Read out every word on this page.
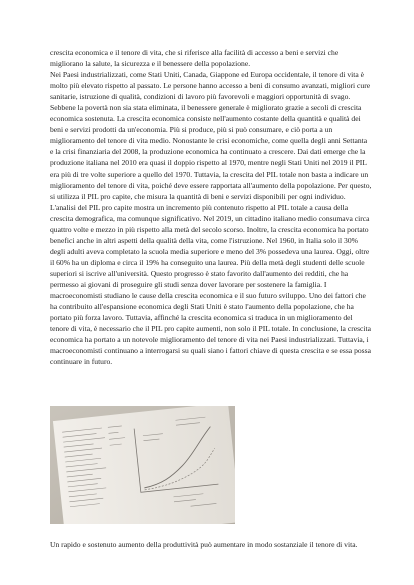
crescita economica e il tenore di vita, che si riferisce alla facilità di accesso a beni e servizi che migliorano la salute, la sicurezza e il benessere della popolazione.

Nei Paesi industrializzati, come Stati Uniti, Canada, Giappone ed Europa occidentale, il tenore di vita è molto più elevato rispetto al passato. Le persone hanno accesso a beni di consumo avanzati, migliori cure sanitarie, istruzione di qualità, condizioni di lavoro più favorevoli e maggiori opportunità di svago. Sebbene la povertà non sia stata eliminata, il benessere generale è migliorato grazie a secoli di crescita economica sostenuta. La crescita economica consiste nell'aumento costante della quantità e qualità dei beni e servizi prodotti da un'economia. Più si produce, più si può consumare, e ciò porta a un miglioramento del tenore di vita medio. Nonostante le crisi economiche, come quella degli anni Settanta e la crisi finanziaria del 2008, la produzione economica ha continuato a crescere. Dai dati emerge che la produzione italiana nel 2010 era quasi il doppio rispetto al 1970, mentre negli Stati Uniti nel 2019 il PIL era più di tre volte superiore a quello del 1970. Tuttavia, la crescita del PIL totale non basta a indicare un miglioramento del tenore di vita, poiché deve essere rapportata all'aumento della popolazione. Per questo, si utilizza il PIL pro capite, che misura la quantità di beni e servizi disponibili per ogni individuo. L'analisi del PIL pro capite mostra un incremento più contenuto rispetto al PIL totale a causa della crescita demografica, ma comunque significativo. Nel 2019, un cittadino italiano medio consumava circa quattro volte e mezzo in più rispetto alla metà del secolo scorso. Inoltre, la crescita economica ha portato benefici anche in altri aspetti della qualità della vita, come l'istruzione. Nel 1960, in Italia solo il 30% degli adulti aveva completato la scuola media superiore e meno del 3% possedeva una laurea. Oggi, oltre il 60% ha un diploma e circa il 19% ha conseguito una laurea. Più della metà degli studenti delle scuole superiori si iscrive all'università. Questo progresso è stato favorito dall'aumento dei redditi, che ha permesso ai giovani di proseguire gli studi senza dover lavorare per sostenere la famiglia. I macroeconomisti studiano le cause della crescita economica e il suo futuro sviluppo. Uno dei fattori che ha contribuito all'espansione economica degli Stati Uniti è stato l'aumento della popolazione, che ha portato più forza lavoro. Tuttavia, affinché la crescita economica si traduca in un miglioramento del tenore di vita, è necessario che il PIL pro capite aumenti, non solo il PIL totale. In conclusione, la crescita economica ha portato a un notevole miglioramento del tenore di vita nei Paesi industrializzati. Tuttavia, i macroeconomisti continuano a interrogarsi su quali siano i fattori chiave di questa crescita e se essa possa continuare in futuro.

Un rapido e sostenuto aumento della produttività può aumentare in modo sostanziale il tenore di vita.
